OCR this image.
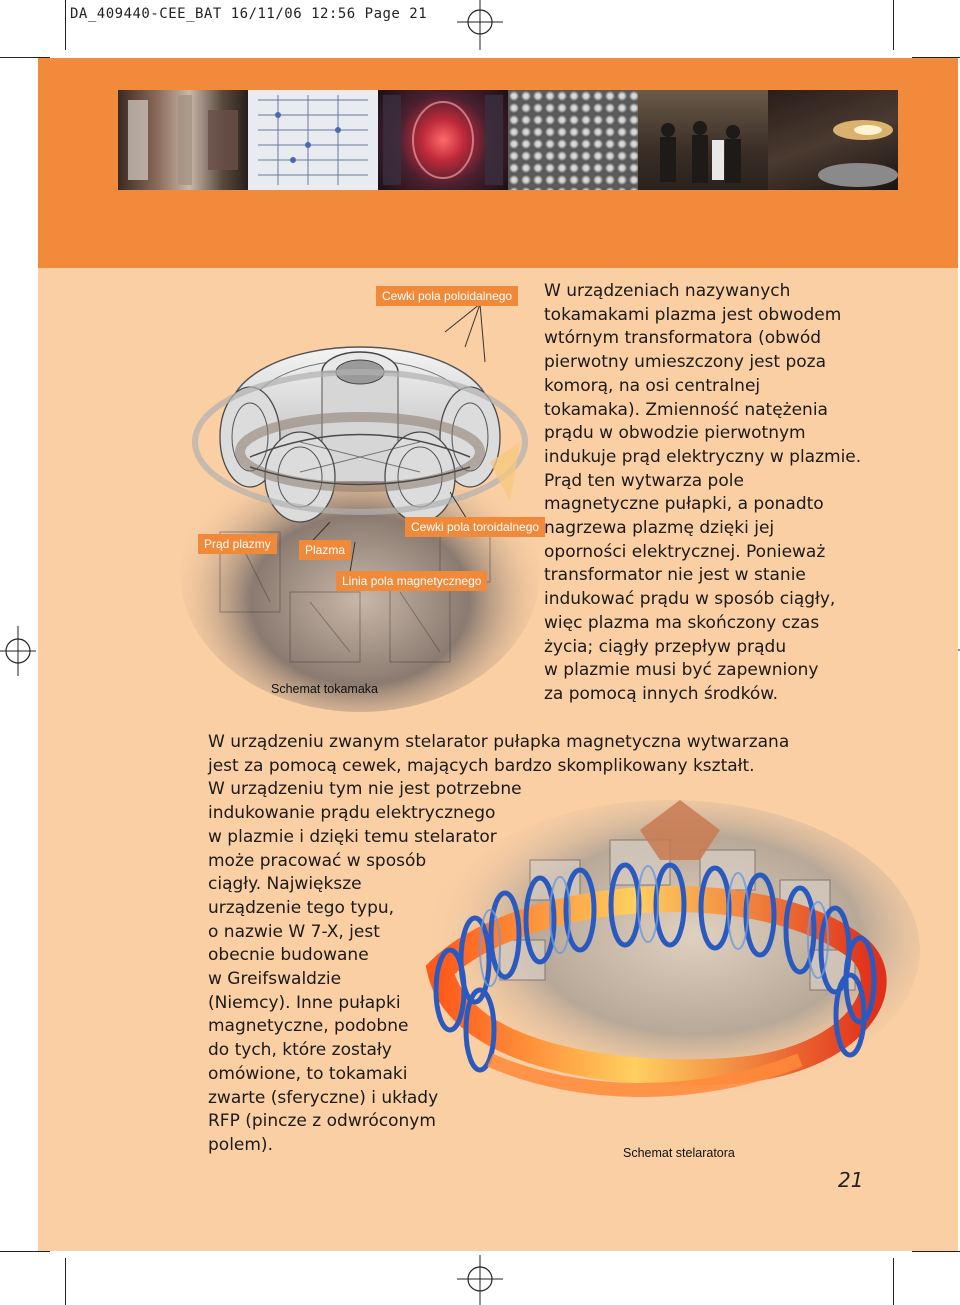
DA_409440-CEE_BAT 16/11/06 12:56 Page 21
Cewki pola poloidalnego
Cewki pola toroidalnego
Prąd plazmy	Plazma
Linia pola magnetycznego
Schemat tokamaka
W urządzeniach nazywanych
tokamakami plazma jest obwodem
wtórnym transformatora (obwód
pierwotny umieszczony jest poza
komorą, na osi centralnej
tokamaka). Zmienność natężenia
prądu w obwodzie pierwotnym
indukuje prąd elektryczny w plazmie.
Prąd ten wytwarza pole
magnetyczne pułapki, a ponadto
nagrzewa plazmę dzięki jej
oporności elektrycznej. Ponieważ
transformator nie jest w stanie
indukować prądu w sposób ciągły,
więc plazma ma skończony czas
życia; ciągły przepływ prądu
w plazmie musi być zapewniony
za pomocą innych środków.
Schemat stelaratora
W urządzeniu zwanym stelarator pułapka magnetyczna wytwarzana
jest za pomocą cewek, mających bardzo skomplikowany kształt.
W urządzeniu tym nie jest potrzebne
indukowanie prądu elektrycznego
w plazmie i dzięki temu stelarator
może pracować w sposób
ciągły. Największe
urządzenie tego typu,
o nazwie W 7-X, jest
obecnie budowane
w Greifswaldzie
(Niemcy). Inne pułapki
magnetyczne, podobne
do tych, które zostały
omówione, to tokamaki
zwarte (sferyczne) i układy
RFP (pincze z odwróconym
polem).
21
